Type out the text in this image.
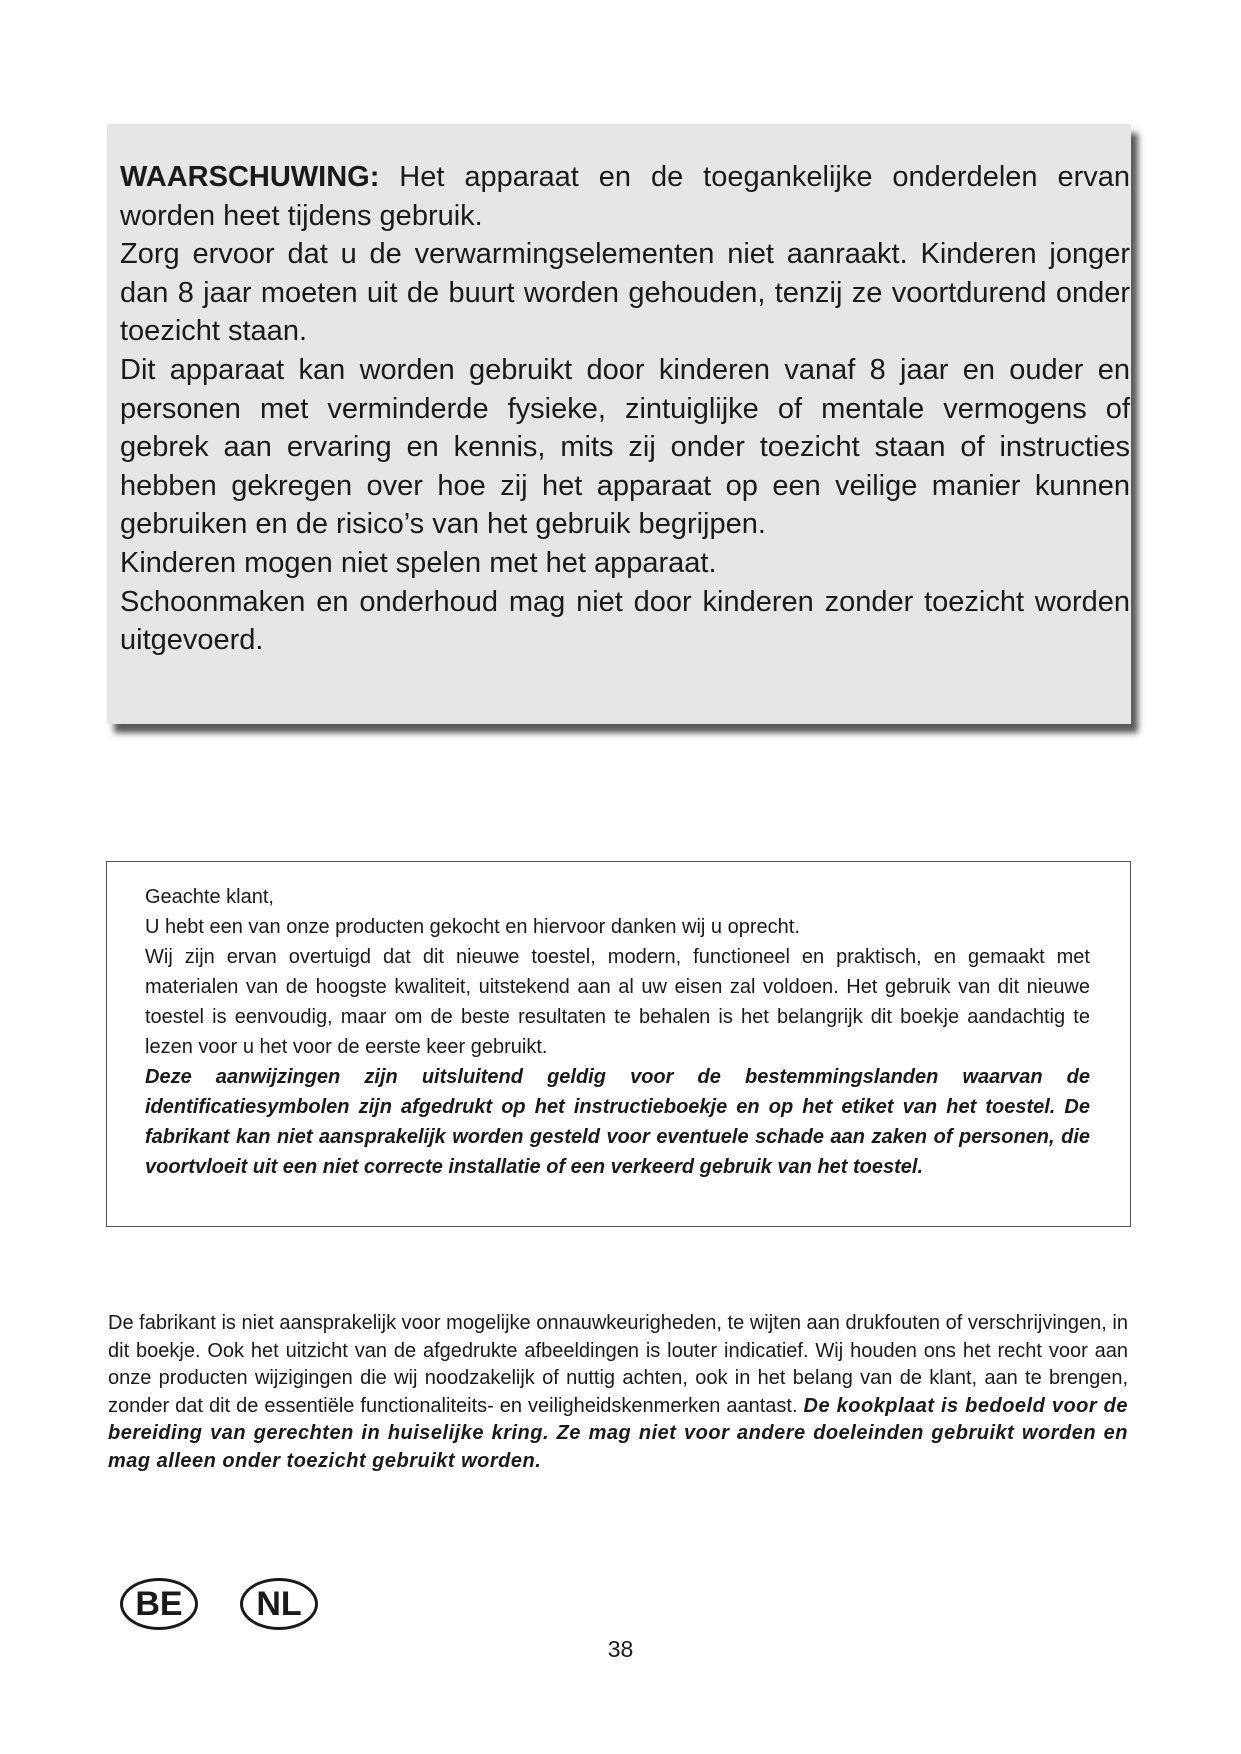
WAARSCHUWING: Het apparaat en de toegankelijke onderdelen ervan worden heet tijdens gebruik.

Zorg ervoor dat u de verwarmingselementen niet aanraakt. Kinderen jonger dan 8 jaar moeten uit de buurt worden gehouden, tenzij ze voortdurend onder toezicht staan.

Dit apparaat kan worden gebruikt door kinderen vanaf 8 jaar en ouder en personen met verminderde fysieke, zintuiglijke of mentale vermogens of gebrek aan ervaring en kennis, mits zij onder toezicht staan of instructies hebben gekregen over hoe zij het apparaat op een veilige manier kunnen gebruiken en de risico’s van het gebruik begrijpen.

Kinderen mogen niet spelen met het apparaat.

Schoonmaken en onderhoud mag niet door kinderen zonder toezicht worden uitgevoerd.

Geachte klant,

U hebt een van onze producten gekocht en hiervoor danken wij u oprecht.

Wij zijn ervan overtuigd dat dit nieuwe toestel, modern, functioneel en praktisch, en gemaakt met materialen van de hoogste kwaliteit, uitstekend aan al uw eisen zal voldoen. Het gebruik van dit nieuwe toestel is eenvoudig, maar om de beste resultaten te behalen is het belangrijk dit boekje aandachtig te lezen voor u het voor de eerste keer gebruikt.

Deze aanwijzingen zijn uitsluitend geldig voor de bestemmingslanden waarvan de identificatiesymbolen zijn afgedrukt op het instructieboekje en op het etiket van het toestel. De fabrikant kan niet aansprakelijk worden gesteld voor eventuele schade aan zaken of personen, die voortvloeit uit een niet correcte installatie of een verkeerd gebruik van het toestel.

De fabrikant is niet aansprakelijk voor mogelijke onnauwkeurigheden, te wijten aan drukfouten of verschrijvingen, in dit boekje. Ook het uitzicht van de afgedrukte afbeeldingen is louter indicatief. Wij houden ons het recht voor aan onze producten wijzigingen die wij noodzakelijk of nuttig achten, ook in het belang van de klant, aan te brengen, zonder dat dit de essentiële functionaliteits- en veiligheidskenmerken aantast. De kookplaat is bedoeld voor de bereiding van gerechten in huiselijke kring. Ze mag niet voor andere doeleinden gebruikt worden en mag alleen onder toezicht gebruikt worden.
BE	NL
38
